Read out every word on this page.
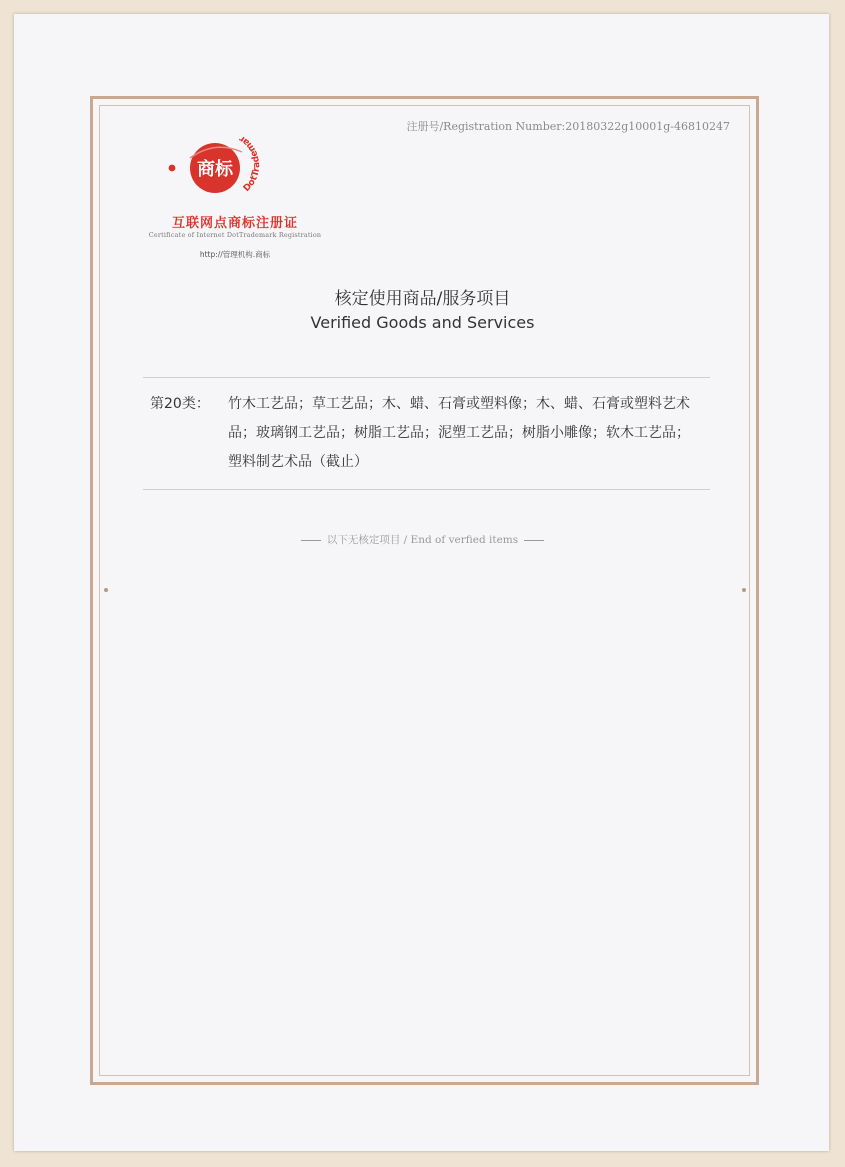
注册号/Registration Number:20180322g10001g-46810247
商标
DotTrademar

互联网点商标注册证

Certificate of Internet DotTrademark Registration
http://管理机构.商标
核定使用商品/服务项目
Verified Goods and Services
第20类： 竹木工艺品；草工艺品；木、蜡、石膏或塑料像；木、蜡、石膏或塑料艺术品；玻璃钢工艺品；树脂工艺品；泥塑工艺品；树脂小雕像；软木工艺品；塑料制艺术品（截止）
以下无核定项目 / End of verfied items
